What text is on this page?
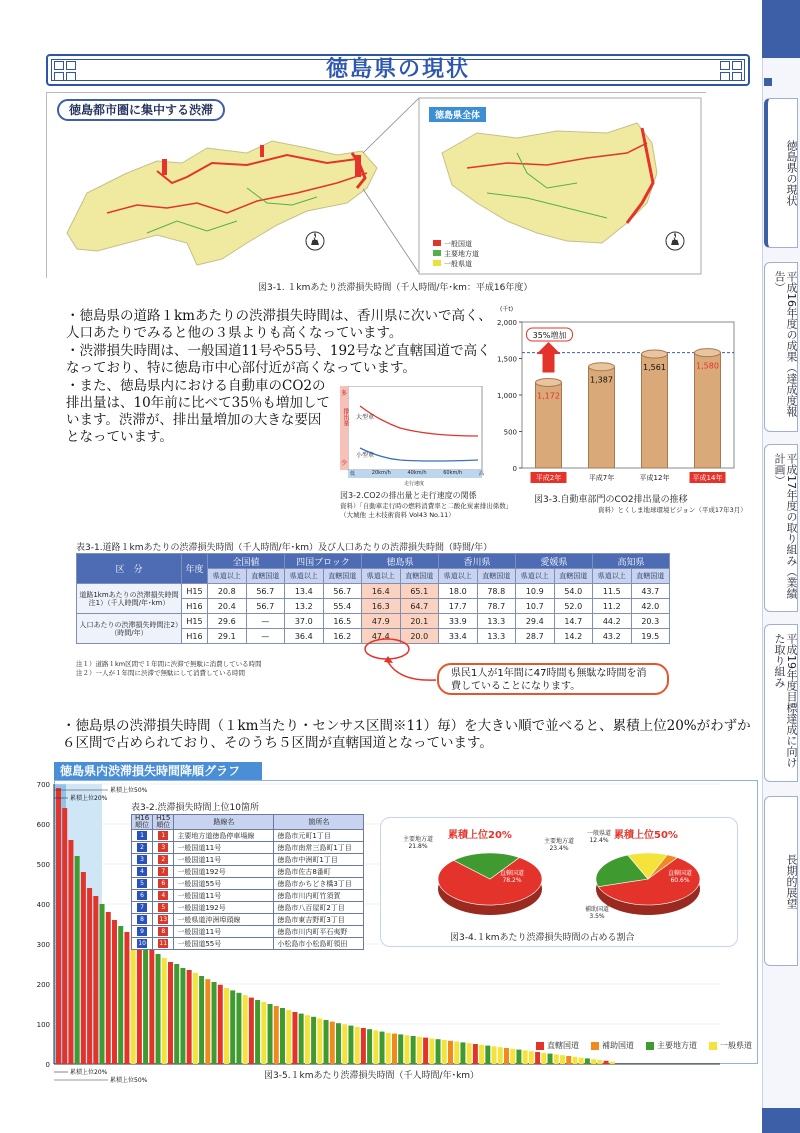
徳島県の現状
平成16年度の成果（達成度報告）
平成17年度の取り組み（業績計画）
平成19年度目標達成に向けた取り組み
長期的展望
徳島県の現状
徳島都市圏に集中する渋滞	徳島県全体
N	N
一般国道
主要地方道
一般県道
図3-1. １kmあたり渋滞損失時間（千人時間/年･km：平成16年度）
・徳島県の道路１kmあたりの渋滞損失時間は、香川県に次いで高く、人口あたりでみると他の３県よりも高くなっています。
・渋滞損失時間は、一般国道11号や55号、192号など直轄国道で高くなっており、特に徳島市中心部付近が高くなっています。
・また、徳島県内における自動車のCO2の排出量は、10年前に比べて35％も増加しています。渋滞が、排出量増加の大きな要因となっています。
多
少
排出量 大型車
小型車
低	20km/h	40km/h	60km/h	高
走行速度
図3-2.CO2の排出量と走行速度の関係
資料）「自動車走行時の燃料消費率と二酸化炭素排出係数」（大城他 土木技術資料 Vol43 No.11）
0
500
1,000
1,500
2,000
1,172
平成2年
1,387
平成7年
1,561
平成12年
1,580
平成14年
35%増加
(千t)
図3-3.自動車部門のCO2排出量の推移
資料）とくしま地球環境ビジョン（平成17年3月）
表3-1.道路１kmあたりの渋滞損失時間（千人時間/年･km）及び人口あたりの渋滞損失時間（時間/年）
区　分	年度	全国値		四国ブロック		徳島県		香川県		愛媛県		高知県	
		県道以上	直轄国道	県道以上	直轄国道	県道以上	直轄国道	県道以上	直轄国道	県道以上	直轄国道	県道以上	直轄国道
道路1kmあたりの渋滞損失時間注1）（千人時間/年･km）	H15	20.8	56.7	13.4	56.7	16.4	65.1	18.0	78.8	10.9	54.0	11.5	43.7
	H16	20.4	56.7	13.2	55.4	16.3	64.7	17.7	78.7	10.7	52.0	11.2	42.0
人口あたりの渋滞損失時間注2）（時間/年）	H15	29.6	—	37.0	16.5	47.9	20.1	33.9	13.3	29.4	14.7	44.2	20.3
	H16	29.1	—	36.4	16.2	47.4	20.0	33.4	13.3	28.7	14.2	43.2	19.5
注１）道路１km区間で１年間に渋滞で無駄に消費している時間
注２）一人が１年間に渋滞で無駄にして消費している時間	県民1人が1年間に47時間も無駄な時間を消費していることになります。
・徳島県の渋滞損失時間（１km当たり・センサス区間※11）毎）を大きい順で並べると、累積上位20%がわずか６区間で占められており、そのうち５区間が直轄国道となっています。
徳島県内渋滞損失時間降順グラフ
0
100
200
300
400
500
600
700
累積上位50%
累積上位20%
累積上位20%
累積上位50%
表3-2.渋滞損失時間上位10箇所
H16順位	H15順位	路線名	箇所名
1	1	主要地方道徳島停車場線	徳島市元町1丁目
2	3	一般国道11号	徳島市南常三島町1丁目
3	2	一般国道11号	徳島市中洲町1丁目
4	7	一般国道192号	徳島市佐古8番町
5	6	一般国道55号	徳島市かちどき橋3丁目
6	4	一般国道11号	徳島市川内町竹須賀
7	5	一般国道192号	徳島市八百屋町2丁目
8	13	一般県道沖洲埠頭線	徳島市東吉野町3丁目
9	8	一般国道11号	徳島市川内町平石夷野
10	11	一般国道55号	小松島市小松島町領田
累積上位20%	累積上位50%
主要地方道 21.8%
直轄国道 78.2%
主要地方道 23.4%
一般県道 12.4%
補助国道 3.5%
直轄国道 60.6%
図3-4.１kmあたり渋滞損失時間の占める割合
直轄国道	補助国道	主要地方道	一般県道
図3-5.１kmあたり渋滞損失時間（千人時間/年･km）
